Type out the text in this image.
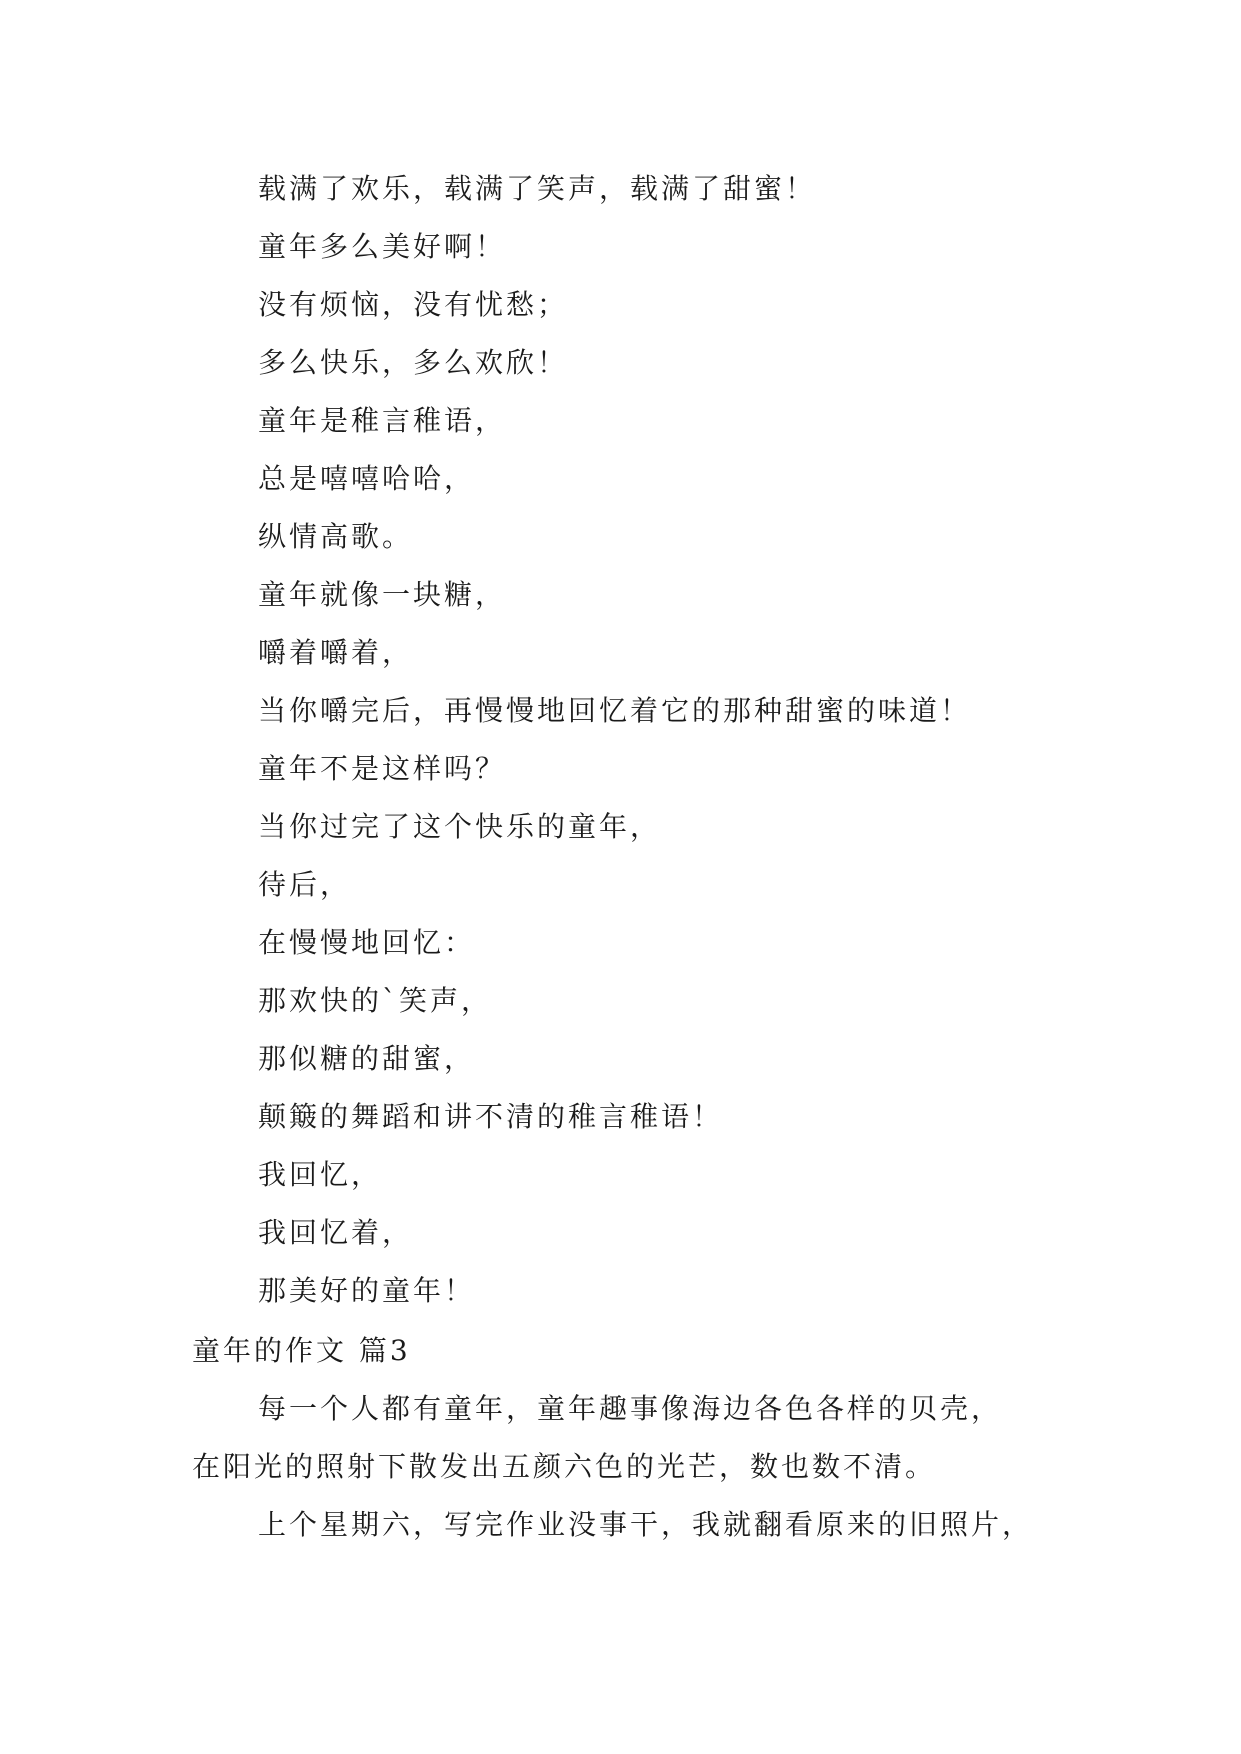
载满了欢乐，载满了笑声，载满了甜蜜！
童年多么美好啊！
没有烦恼，没有忧愁；
多么快乐，多么欢欣！
童年是稚言稚语，
总是嘻嘻哈哈，
纵情高歌。
童年就像一块糖，
嚼着嚼着，
当你嚼完后，再慢慢地回忆着它的那种甜蜜的味道！
童年不是这样吗？
当你过完了这个快乐的童年，
待后，
在慢慢地回忆：
那欢快的`笑声，
那似糖的甜蜜，
颠簸的舞蹈和讲不清的稚言稚语！
我回忆，
我回忆着，
那美好的童年！
童年的作文 篇3

每一个人都有童年，童年趣事像海边各色各样的贝壳，
在阳光的照射下散发出五颜六色的光芒，数也数不清。

上个星期六，写完作业没事干，我就翻看原来的旧照片，
